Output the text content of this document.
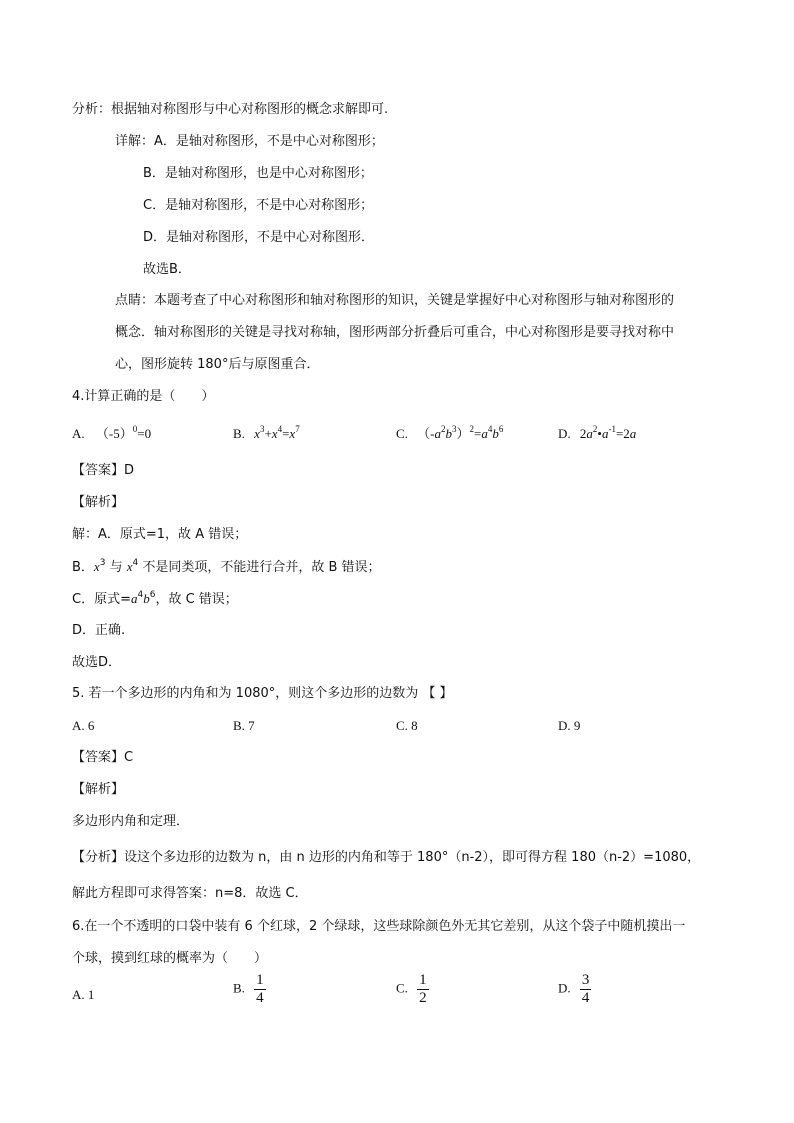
分析：根据轴对称图形与中心对称图形的概念求解即可.
详解：A．是轴对称图形，不是中心对称图形；
B．是轴对称图形，也是中心对称图形；
C．是轴对称图形，不是中心对称图形；
D．是轴对称图形，不是中心对称图形．
故选B．
点睛：本题考查了中心对称图形和轴对称图形的知识，关键是掌握好中心对称图形与轴对称图形的
概念．轴对称图形的关键是寻找对称轴，图形两部分折叠后可重合，中心对称图形是要寻找对称中
心，图形旋转 180°后与原图重合．
4.计算正确的是（　　）
A. $(-5)^0=0$	B. $x^3+x^4=x^7$	C. $(-a^2b^3)^2=a^4b^6$	D. $2a^2•a^{-1}=2a$
【答案】D
【解析】
解：A．原式=1，故 A 错误；
B．$x^3$ 与 $x^4$ 不是同类项，不能进行合并，故 B 错误；
C．原式$=a^4b^6$，故 C 错误；
D．正确.
故选D．
5. 若一个多边形的内角和为 1080°，则这个多边形的边数为 【 】
A. 6	B. 7	C. 8	D. 9
【答案】C
【解析】
多边形内角和定理．
【分析】设这个多边形的边数为 n，由 n 边形的内角和等于 180°（n-2），即可得方程 180（n-2）=1080，
解此方程即可求得答案：n=8．故选 C．
6.在一个不透明的口袋中装有 6 个红球，2 个绿球，这些球除颜色外无其它差别，从这个袋子中随机摸出一
个球，摸到红球的概率为（　　）
A. 1	B. $\frac{1}{4}$	C. $\frac{1}{2}$	D. $\frac{3}{4}$
